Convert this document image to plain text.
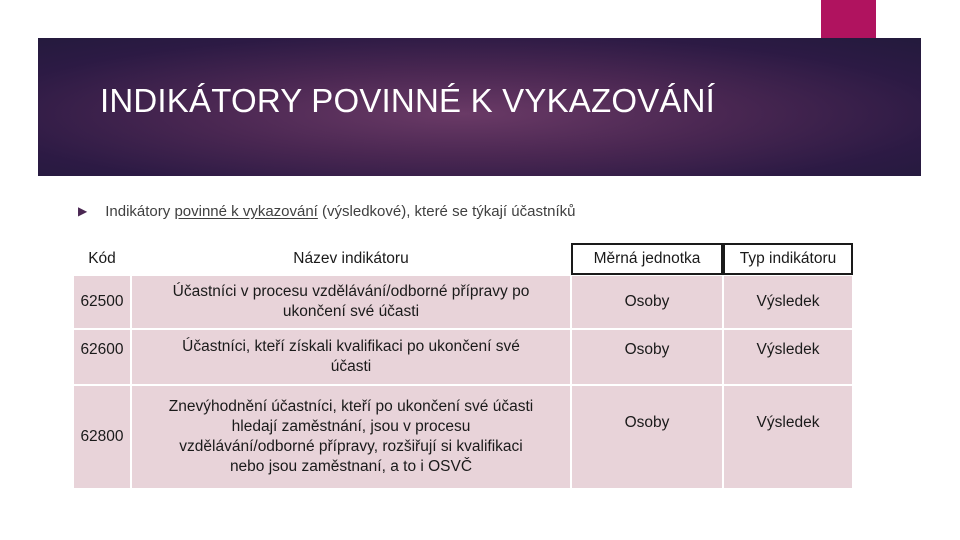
INDIKÁTORY POVINNÉ K VYKAZOVÁNÍ
▶ Indikátory povinné k vykazování (výsledkové), které se týkají účastníků
Kód	Název indikátoru	Měrná jednotka	Typ indikátoru
62500	Účastníci v procesu vzdělávání/odborné přípravy po
ukončení své účasti	Osoby	Výsledek

62600	Účastníci, kteří získali kvalifikaci po ukončení své
účasti	Osoby	Výsledek

62800	Znevýhodnění účastníci, kteří po ukončení své účasti
hledají zaměstnání, jsou v procesu
vzdělávání/odborné přípravy, rozšiřují si kvalifikaci
nebo jsou zaměstnaní, a to i OSVČ	Osoby	Výsledek
